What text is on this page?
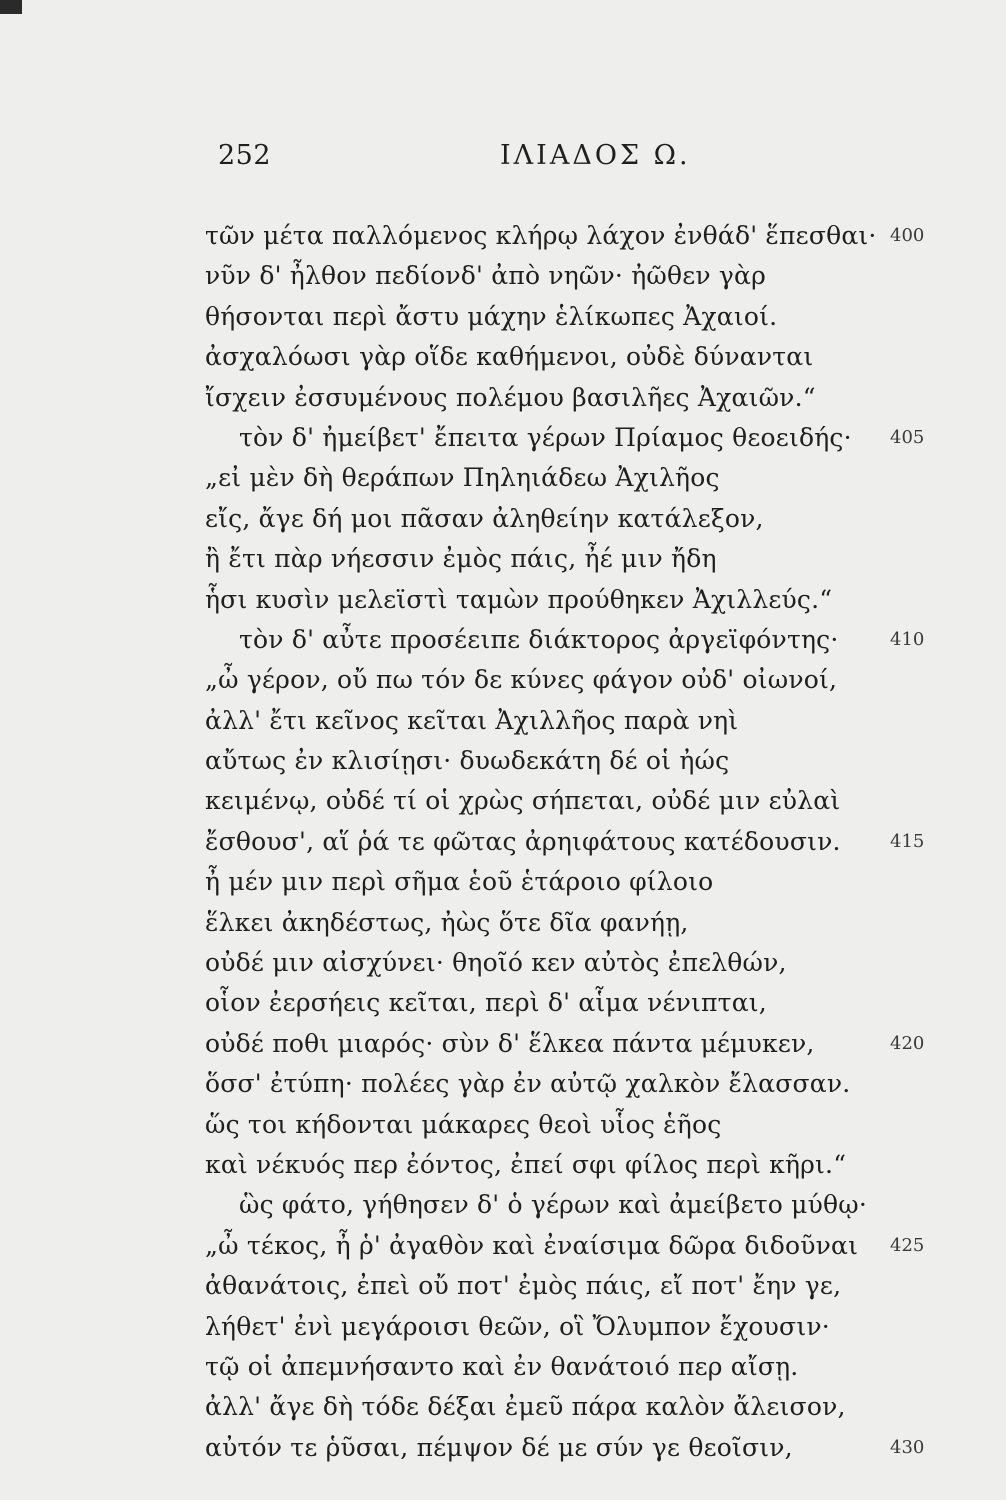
252	ΙΛΙΑΔΟΣ Ω.
τῶν μέτα παλλόμενος κλήρῳ λάχον ἐνθάδ' ἕπεσθαι· 400
νῦν δ' ἦλθον πεδίονδ' ἀπὸ νηῶν· ἠῶθεν γὰρ
θήσονται περὶ ἄστυ μάχην ἑλίκωπες Ἀχαιοί.
ἀσχαλόωσι γὰρ οἵδε καθήμενοι, οὐδὲ δύνανται
ἴσχειν ἐσσυμένους πολέμου βασιλῆες Ἀχαιῶν.“
τὸν δ' ἠμείβετ' ἔπειτα γέρων Πρίαμος θεοειδής· 405
„εἰ μὲν δὴ θεράπων Πηληιάδεω Ἀχιλῆος
εἴς, ἄγε δή μοι πᾶσαν ἀληθείην κατάλεξον,
ἢ ἔτι πὰρ νήεσσιν ἐμὸς πάις, ἦέ μιν ἤδη
ἧσι κυσὶν μελεϊστὶ ταμὼν προύθηκεν Ἀχιλλεύς.“
τὸν δ' αὖτε προσέειπε διάκτορος ἀργεϊφόντης·	410
„ὦ γέρον, οὔ πω τόν δε κύνες φάγον οὐδ' οἰωνοί,
ἀλλ' ἔτι κεῖνος κεῖται Ἀχιλλῆος παρὰ νηὶ
αὔτως ἐν κλισίῃσι· δυωδεκάτη δέ οἱ ἠώς
κειμένῳ, οὐδέ τί οἱ χρὼς σήπεται, οὐδέ μιν εὐλαὶ
ἔσθουσ', αἵ ῥά τε φῶτας ἀρηιφάτους κατέδουσιν.	415
ἦ μέν μιν περὶ σῆμα ἑοῦ ἑτάροιο φίλοιο
ἕλκει ἀκηδέστως, ἠὼς ὅτε δῖα φανήῃ,
οὐδέ μιν αἰσχύνει· θηοῖό κεν αὐτὸς ἐπελθών,
οἷον ἐερσήεις κεῖται, περὶ δ' αἷμα νένιπται,
οὐδέ ποθι μιαρός· σὺν δ' ἕλκεα πάντα μέμυκεν,	420
ὅσσ' ἐτύπη· πολέες γὰρ ἐν αὐτῷ χαλκὸν ἔλασσαν.
ὥς τοι κήδονται μάκαρες θεοὶ υἷος ἑῆος
καὶ νέκυός περ ἐόντος, ἐπεί σφι φίλος περὶ κῆρι.“
ὣς φάτο, γήθησεν δ' ὁ γέρων καὶ ἀμείβετο μύθῳ·
„ὦ τέκος, ἦ ῥ' ἀγαθὸν καὶ ἐναίσιμα δῶρα διδοῦναι 425
ἀθανάτοις, ἐπεὶ οὔ ποτ' ἐμὸς πάις, εἴ ποτ' ἔην γε,
λήθετ' ἐνὶ μεγάροισι θεῶν, οἳ Ὄλυμπον ἔχουσιν·
τῷ οἱ ἀπεμνήσαντο καὶ ἐν θανάτοιό περ αἴσῃ.
ἀλλ' ἄγε δὴ τόδε δέξαι ἐμεῦ πάρα καλὸν ἄλεισον,
αὐτόν τε ῥῦσαι, πέμψον δέ με σύν γε θεοῖσιν,	430
